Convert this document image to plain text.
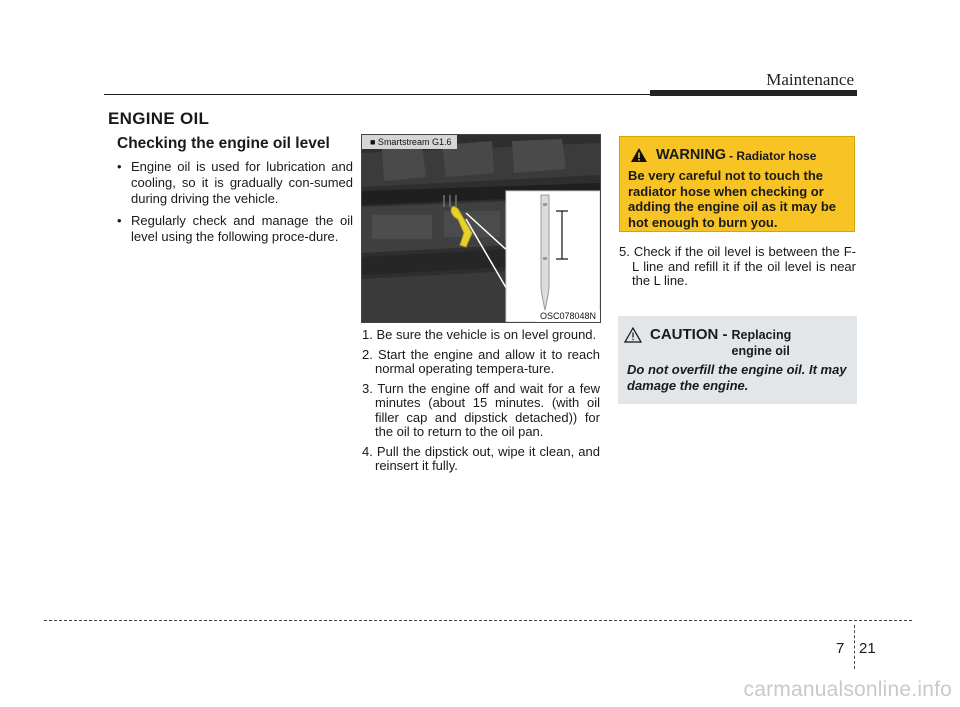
Maintenance
ENGINE OIL
Checking the engine oil level
• Engine oil is used for lubrication and cooling, so it is gradually con-sumed during driving the vehicle.
• Regularly check and manage the oil level using the following proce-dure.
■ Smartstream G1.6
OSC078048N
1. Be sure the vehicle is on level ground.
2. Start the engine and allow it to reach normal operating tempera-ture.
3. Turn the engine off and wait for a few minutes (about 15 minutes. (with oil filler cap and dipstick detached)) for the oil to return to the oil pan.
4. Pull the dipstick out, wipe it clean, and reinsert it fully.
5. Check if the oil level is between the F-L line and refill it if the oil level is near the L line.
WARNING - Radiator hose
Be very careful not to touch the radiator hose when checking or adding the engine oil as it may be hot enough to burn you.
CAUTION - Replacing engine oil
Do not overfill the engine oil. It may damage the engine.
7 21
carmanualsonline.info
